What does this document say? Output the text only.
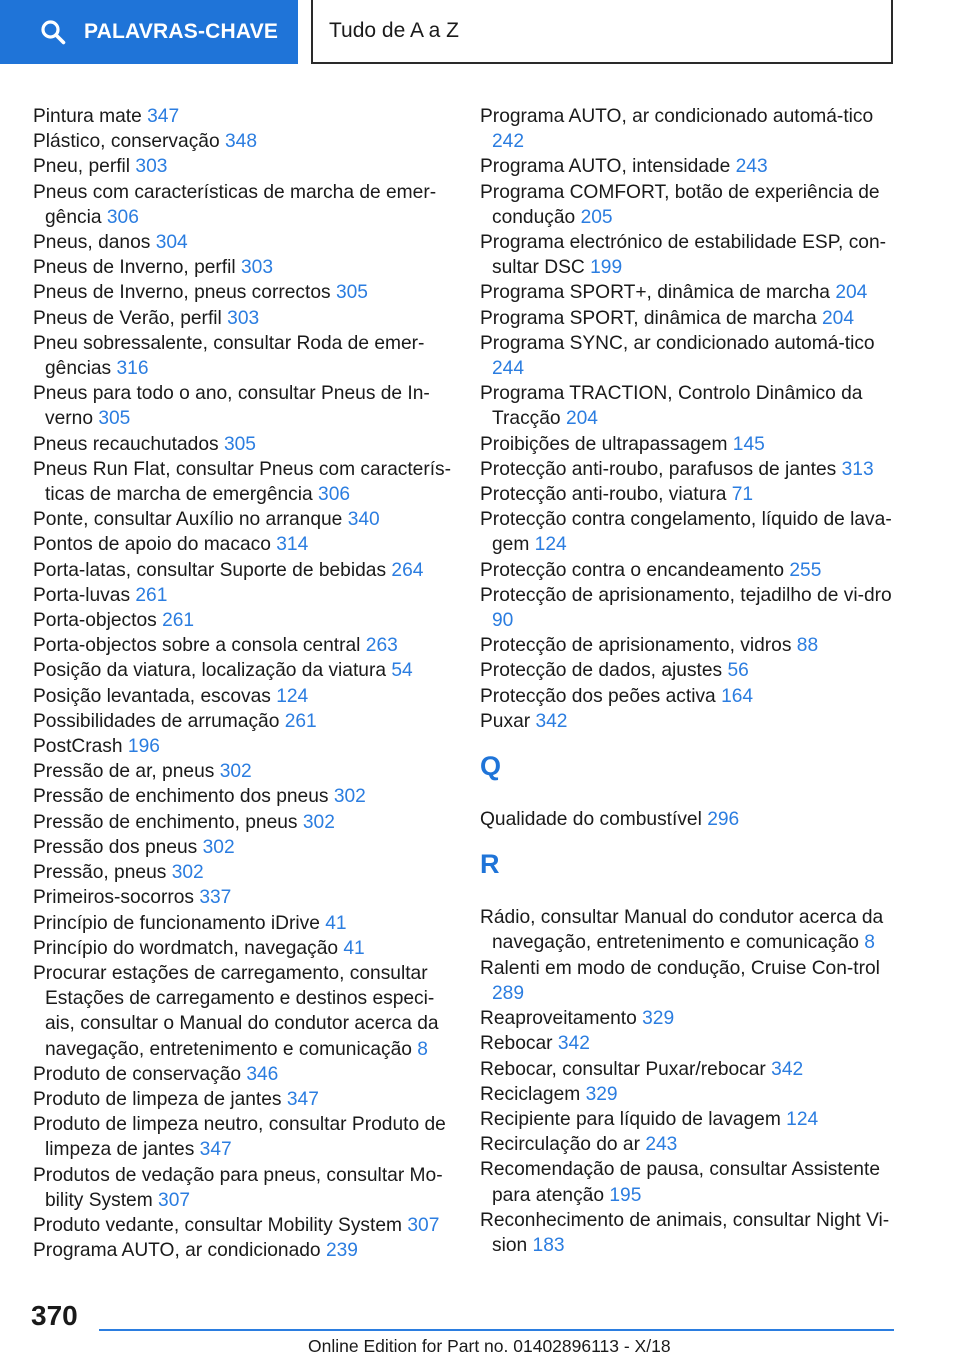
PALAVRAS-CHAVE Tudo de A a Z
Pintura mate 347
Plástico, conservação 348
Pneu, perfil 303
Pneus com características de marcha de emer-gência 306
Pneus, danos 304
Pneus de Inverno, perfil 303
Pneus de Inverno, pneus correctos 305
Pneus de Verão, perfil 303
Pneu sobressalente, consultar Roda de emer-gências 316
Pneus para todo o ano, consultar Pneus de In-verno 305
Pneus recauchutados 305
Pneus Run Flat, consultar Pneus com caracterís-ticas de marcha de emergência 306
Ponte, consultar Auxílio no arranque 340
Pontos de apoio do macaco 314
Porta-latas, consultar Suporte de bebidas 264
Porta-luvas 261
Porta-objectos 261
Porta-objectos sobre a consola central 263
Posição da viatura, localização da viatura 54
Posição levantada, escovas 124
Possibilidades de arrumação 261
PostCrash 196
Pressão de ar, pneus 302
Pressão de enchimento dos pneus 302
Pressão de enchimento, pneus 302
Pressão dos pneus 302
Pressão, pneus 302
Primeiros-socorros 337
Princípio de funcionamento iDrive 41
Princípio do wordmatch, navegação 41
Procurar estações de carregamento, consultar Estações de carregamento e destinos especi-ais, consultar o Manual do condutor acerca da navegação, entretenimento e comunicação 8
Produto de conservação 346
Produto de limpeza de jantes 347
Produto de limpeza neutro, consultar Produto de limpeza de jantes 347
Produtos de vedação para pneus, consultar Mo-bility System 307
Produto vedante, consultar Mobility System 307
Programa AUTO, ar condicionado 239
Programa AUTO, ar condicionado automá-tico 242
Programa AUTO, intensidade 243
Programa COMFORT, botão de experiência de condução 205
Programa electrónico de estabilidade ESP, con-sultar DSC 199
Programa SPORT+, dinâmica de marcha 204
Programa SPORT, dinâmica de marcha 204
Programa SYNC, ar condicionado automá-tico 244
Programa TRACTION, Controlo Dinâmico da Tracção 204
Proibições de ultrapassagem 145
Protecção anti-roubo, parafusos de jantes 313
Protecção anti-roubo, viatura 71
Protecção contra congelamento, líquido de lava-gem 124
Protecção contra o encandeamento 255
Protecção de aprisionamento, tejadilho de vi-dro 90
Protecção de aprisionamento, vidros 88
Protecção de dados, ajustes 56
Protecção dos peões activa 164
Puxar 342
Q
Qualidade do combustível 296
R
Rádio, consultar Manual do condutor acerca da navegação, entretenimento e comunicação 8
Ralenti em modo de condução, Cruise Con-trol 289
Reaproveitamento 329
Rebocar 342
Rebocar, consultar Puxar/rebocar 342
Reciclagem 329
Recipiente para líquido de lavagem 124
Recirculação do ar 243
Recomendação de pausa, consultar Assistente para atenção 195
Reconhecimento de animais, consultar Night Vi-sion 183
370
Online Edition for Part no. 01402896113 - X/18
